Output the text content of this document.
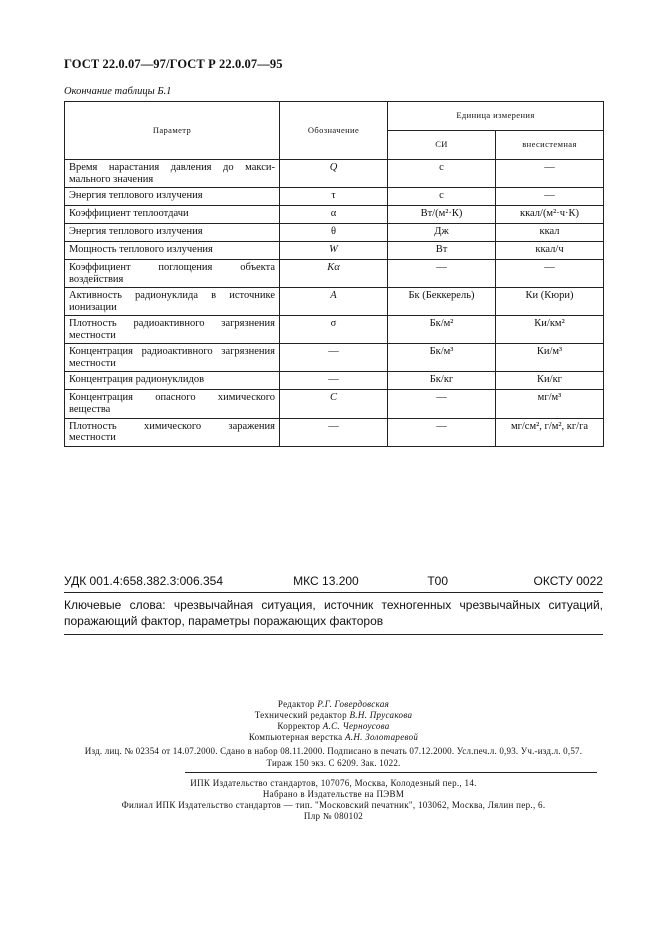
ГОСТ 22.0.07—97/ГОСТ Р 22.0.07—95
Окончание таблицы Б.1
Параметр	Обозначение	Единица измерения	
		СИ	внесистемная
Время нарастания давления до максимального значения	Q	с	—
Энергия теплового излучения	τ	с	—
Коэффициент теплоотдачи	α	Вт/(м²·К)	ккал/(м²·ч·К)
Энергия теплового излучения	θ	Дж	ккал
Мощность теплового излучения	W	Вт	ккал/ч
Коэффициент поглощения объекта воздействия	Kα	—	—
Активность радионуклида в источнике ионизации	A	Бк (Беккерель)	Ки (Кюри)
Плотность радиоактивного загрязнения местности	σ	Бк/м²	Ки/км²
Концентрация радиоактивного загрязнения местности	—	Бк/м³	Ки/м³
Концентрация радионуклидов	—	Бк/кг	Ки/кг
Концентрация опасного химического вещества	C	—	мг/м³
Плотность химического заражения местности	—	—	мг/см², г/м², кг/га
УДК 001.4:658.382.3:006.354	МКС 13.200	Т00	ОКСТУ 0022
Ключевые слова: чрезвычайная ситуация, источник техногенных чрезвычайных ситуаций, поражающий фактор, параметры поражающих факторов
Редактор Р.Г. Говердовская
Технический редактор В.Н. Прусакова
Корректор А.С. Черноусова
Компьютерная верстка А.Н. Золотаревой
Изд. лиц. № 02354 от 14.07.2000. Сдано в набор 08.11.2000. Подписано в печать 07.12.2000. Усл.печ.л. 0,93. Уч.-изд.л. 0,57.
Тираж 150 экз. С 6209. Зак. 1022.
ИПК Издательство стандартов, 107076, Москва, Колодезный пер., 14.
Набрано в Издательстве на ПЭВМ
Филиал ИПК Издательство стандартов — тип. "Московский печатник", 103062, Москва, Лялин пер., 6.
Плр № 080102
